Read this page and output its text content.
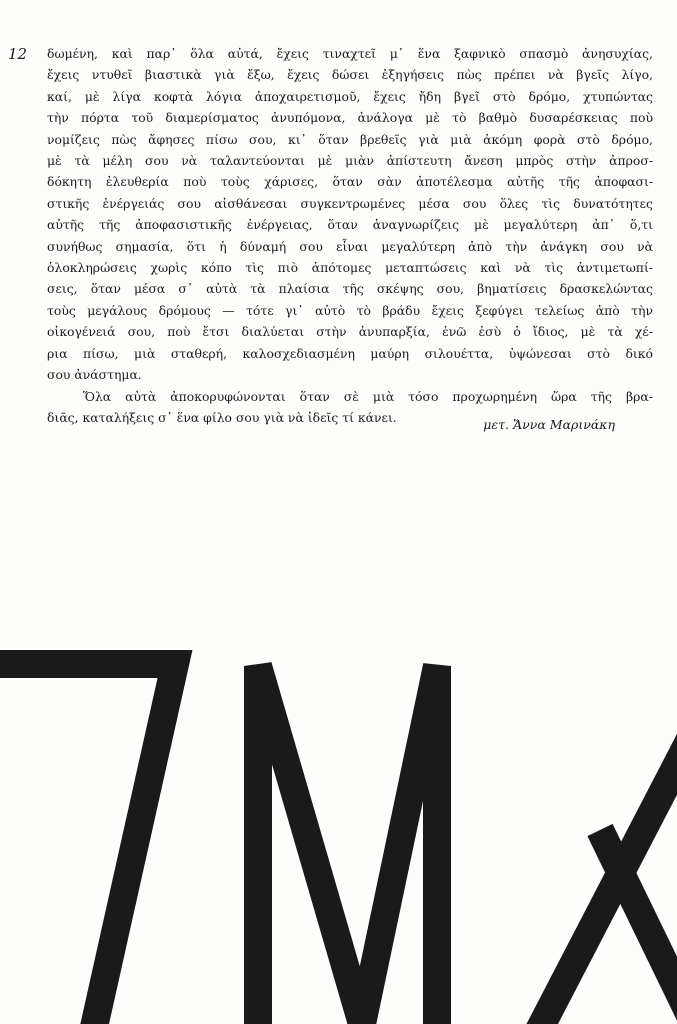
12 δωμένη, καὶ παρ᾿ ὅλα αὐτά, ἔχεις τιναχτεῖ μ᾿ ἕνα ξαφνικὸ σπασμὸ ἀνησυχίας,
ἔχεις ντυθεῖ βιαστικὰ γιὰ ἔξω, ἔχεις δώσει ἐξηγήσεις πὼς πρέπει νὰ βγεῖς λίγο,
καί, μὲ λίγα κοφτὰ λόγια ἀποχαιρετισμοῦ, ἔχεις ἤδη βγεῖ στὸ δρόμο, χτυπώντας
τὴν πόρτα τοῦ διαμερίσματος ἀνυπόμονα, ἀνάλογα μὲ τὸ βαθμὸ δυσαρέσκειας ποὺ
νομίζεις πὼς ἄφησες πίσω σου, κι᾿ ὅταν βρεθεῖς γιὰ μιὰ ἀκόμη φορὰ στὸ δρόμο,
μὲ τὰ μέλη σου νὰ ταλαντεύονται μὲ μιὰν ἀπίστευτη ἄνεση μπρὸς στὴν ἀπροσ-
δόκητη ἐλευθερία ποὺ τοὺς χάρισες, ὅταν σὰν ἀποτέλεσμα αὐτῆς τῆς ἀποφασι-
στικῆς ἐνέργειάς σου αἰσθάνεσαι συγκεντρωμένες μέσα σου ὅλες τὶς δυνατότητες
αὐτῆς τῆς ἀποφασιστικῆς ἐνέργειας, ὅταν ἀναγνωρίζεις μὲ μεγαλύτερη ἀπ᾿ ὅ,τι
συνήθως σημασία, ὅτι ἡ δύναμή σου εἶναι μεγαλύτερη ἀπὸ τὴν ἀνάγκη σου νὰ
ὁλοκληρώσεις χωρὶς κόπο τὶς πιὸ ἀπότομες μεταπτώσεις καὶ νὰ τὶς ἀντιμετωπί-
σεις, ὅταν μέσα σ᾿ αὐτὰ τὰ πλαίσια τῆς σκέψης σου, βηματίσεις δρασκελώντας
τοὺς μεγάλους δρόμους — τότε γι᾿ αὐτὸ τὸ βράδυ ἔχεις ξεφύγει τελείως ἀπὸ τὴν
οἰκογένειά σου, ποὺ ἔτσι διαλύεται στὴν ἀνυπαρξία, ἐνῶ ἐσὺ ὁ ἴδιος, μὲ τὰ χέ-
ρια πίσω, μιὰ σταθερή, καλοσχεδιασμένη μαύρη σιλουέττα, ὑψώνεσαι στὸ δικό
σου ἀνάστημα.
Ὅλα αὐτὰ ἀποκορυφώνονται ὅταν σὲ μιὰ τόσο προχωρημένη ὥρα τῆς βρα-
διᾶς, καταλήξεις σ᾿ ἕνα φίλο σου γιὰ νὰ ἰδεῖς τί κάνει.	μετ. Ἄννα Μαρινάκη
